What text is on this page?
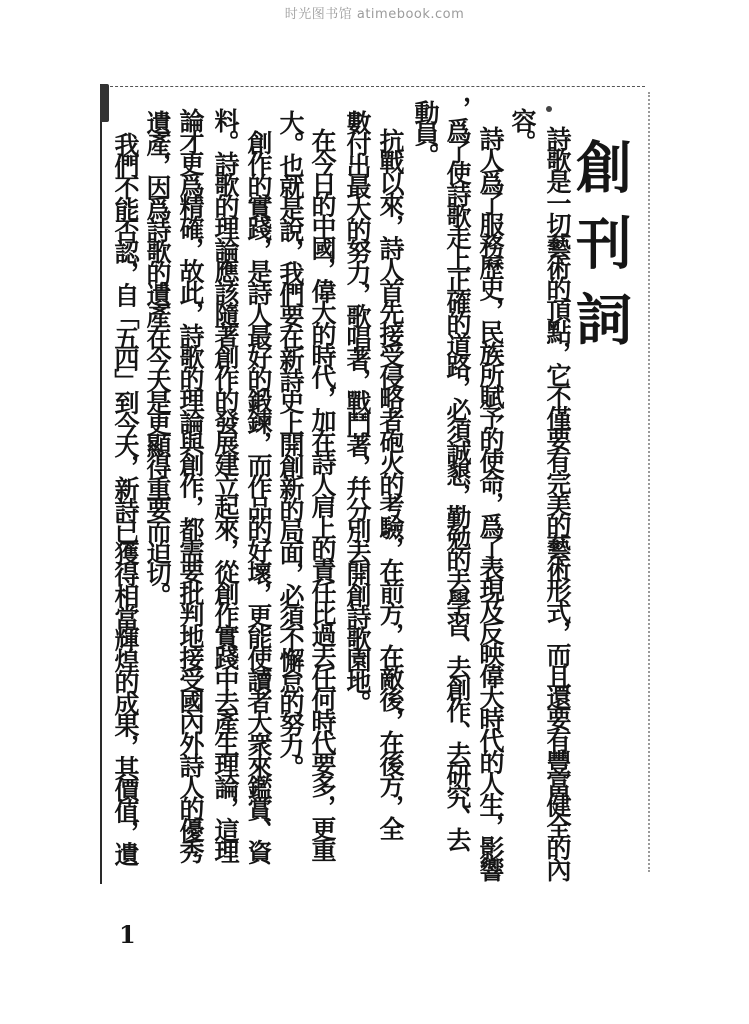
时光图书馆 atimebook.com
創刊詞
詩歌是一切藝術的頂點，它不僅要有完美的藝術形式，而且還要有豐富健全的內
容。
詩人爲了服務歷史，民族所賦予的使命，爲了表現及反映偉大時代的人生，影響
，爲了使詩歌走上正確的道路，必須誠懇，勤勉的去學習、去創作、去研究、去
動員。
抗戰以來，詩人首先接受侵略者砲火的考驗，在前方，在敵後，在後方，全
數付出最大的努力，歌唱著，戰鬥著，幷分別去開創詩歌園地。
在今日的中國，偉大的時代，加在詩人肩上的責任比過去任何時代要多，更重
大。也就是說，我們要在新詩史上開創新的局面，必須不懈怠的努力。
創作的實踐，是詩人最好的鍛鍊，而作品的好壞，更能使讀者大衆來鑑賞、資
料。詩歌的理論應該隨著創作的發展建立起來，從創作實踐中去產生理論，這理
論才更爲精確，故此，詩歌的理論與創作，都需要批判地接受國內外詩人的優秀
遺產，因爲詩歌的遺產在今天是更顯得重要而迫切。
我們不能否認，自「五四」到今天，新詩已獲得相當輝煌的成果，其價值，遺
1
